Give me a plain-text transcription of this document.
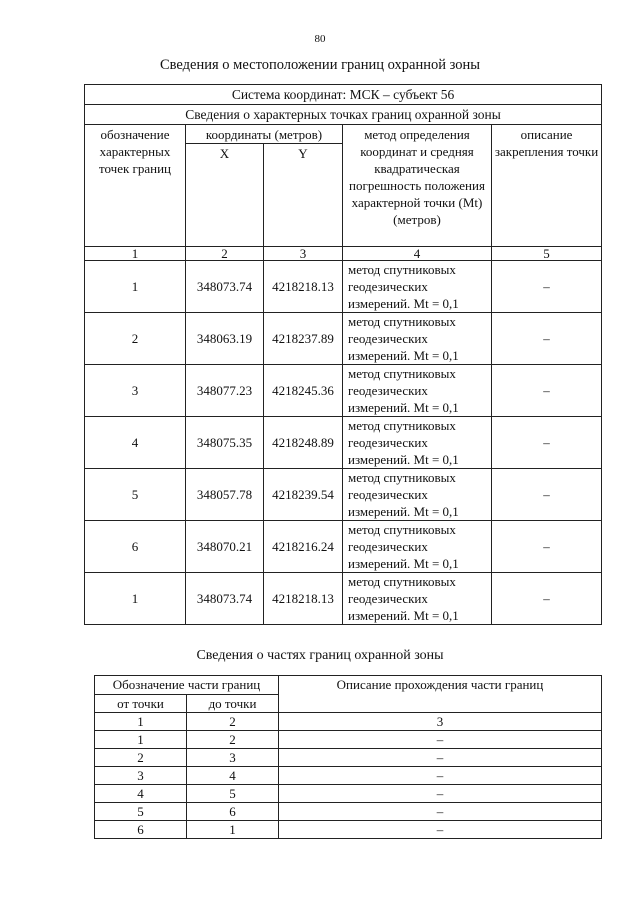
80
Сведения о местоположении границ охранной зоны
Система координат: МСК – субъект 56				
Сведения о характерных точках границ охранной зоны				
обозначение характерных точек границ	координаты (метров)		метод определения координат и средняя квадратическая погрешность положения характерной точки (Mt) (метров)	описание закрепления точки
	X	Y		
1	2	3	4	5
1	348073.74	4218218.13	метод спутниковых геодезических измерений. Mt = 0,1	–
2	348063.19	4218237.89	метод спутниковых геодезических измерений. Mt = 0,1	–
3	348077.23	4218245.36	метод спутниковых геодезических измерений. Mt = 0,1	–
4	348075.35	4218248.89	метод спутниковых геодезических измерений. Mt = 0,1	–
5	348057.78	4218239.54	метод спутниковых геодезических измерений. Mt = 0,1	–
6	348070.21	4218216.24	метод спутниковых геодезических измерений. Mt = 0,1	–
1	348073.74	4218218.13	метод спутниковых геодезических измерений. Mt = 0,1	–
Сведения о частях границ охранной зоны
Обозначение части границ		Описание прохождения части границ
от точки	до точки	
1	2	3
1	2	–
2	3	–
3	4	–
4	5	–
5	6	–
6	1	–
